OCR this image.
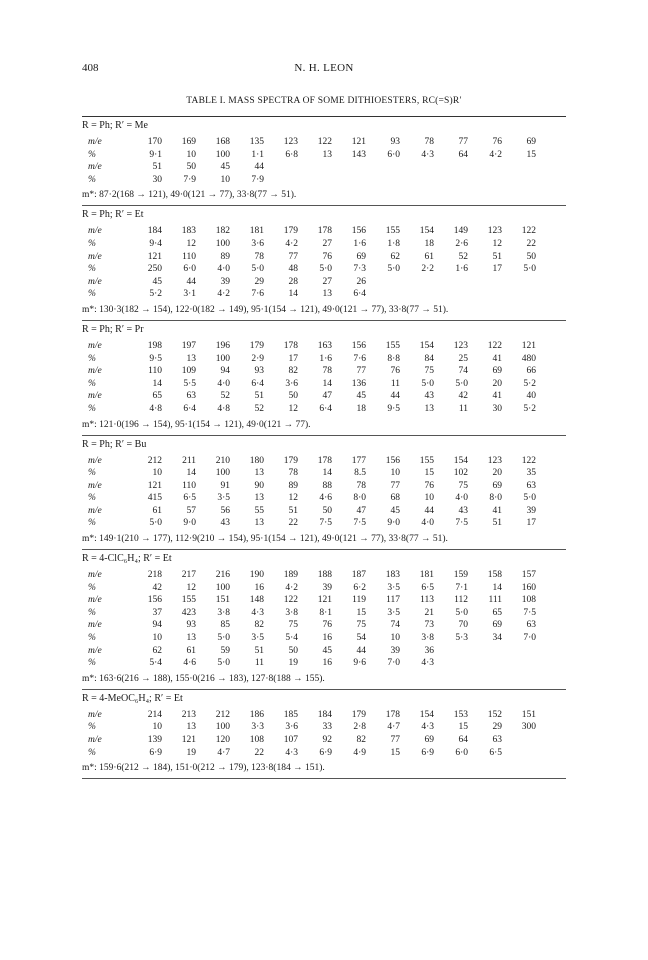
408	N. H. LEON
TABLE I. MASS SPECTRA OF SOME DITHIOESTERS, RC(=S)R′
R = Ph; R′ = Me
m/e	170	169	168	135	123	122	121	93	78	77	76	69
%	9·1	10	100	1·1	6·8	13	143	6·0	4·3	64	4·2	15
m/e	51	50	45	44								
%	30	7·9	10	7·9								
m*: 87·2(168 → 121), 49·0(121 → 77), 33·8(77 → 51).
R = Ph; R′ = Et
m/e	184	183	182	181	179	178	156	155	154	149	123	122
%	9·4	12	100	3·6	4·2	27	1·6	1·8	18	2·6	12	22
m/e	121	110	89	78	77	76	69	62	61	52	51	50
%	250	6·0	4·0	5·0	48	5·0	7·3	5·0	2·2	1·6	17	5·0
m/e	45	44	39	29	28	27	26					
%	5·2	3·1	4·2	7·6	14	13	6·4					
m*: 130·3(182 → 154), 122·0(182 → 149), 95·1(154 → 121), 49·0(121 → 77), 33·8(77 → 51).
R = Ph; R′ = Pr
m/e	198	197	196	179	178	163	156	155	154	123	122	121
%	9·5	13	100	2·9	17	1·6	7·6	8·8	84	25	41	480
m/e	110	109	94	93	82	78	77	76	75	74	69	66
%	14	5·5	4·0	6·4	3·6	14	136	11	5·0	5·0	20	5·2
m/e	65	63	52	51	50	47	45	44	43	42	41	40
%	4·8	6·4	4·8	52	12	6·4	18	9·5	13	11	30	5·2
m*: 121·0(196 → 154), 95·1(154 → 121), 49·0(121 → 77).
R = Ph; R′ = Bu
m/e	212	211	210	180	179	178	177	156	155	154	123	122
%	10	14	100	13	78	14	8.5	10	15	102	20	35
m/e	121	110	91	90	89	88	78	77	76	75	69	63
%	415	6·5	3·5	13	12	4·6	8·0	68	10	4·0	8·0	5·0
m/e	61	57	56	55	51	50	47	45	44	43	41	39
%	5·0	9·0	43	13	22	7·5	7·5	9·0	4·0	7·5	51	17
m*: 149·1(210 → 177), 112·9(210 → 154), 95·1(154 → 121), 49·0(121 → 77), 33·8(77 → 51).
R = 4-ClC₆H₄; R′ = Et
m/e	218	217	216	190	189	188	187	183	181	159	158	157
%	42	12	100	16	4·2	39	6·2	3·5	6·5	7·1	14	160
m/e	156	155	151	148	122	121	119	117	113	112	111	108
%	37	423	3·8	4·3	3·8	8·1	15	3·5	21	5·0	65	7·5
m/e	94	93	85	82	75	76	75	74	73	70	69	63
%	10	13	5·0	3·5	5·4	16	54	10	3·8	5·3	34	7·0
m/e	62	61	59	51	50	45	44	39	36			
%	5·4	4·6	5·0	11	19	16	9·6	7·0	4·3			
m*: 163·6(216 → 188), 155·0(216 → 183), 127·8(188 → 155).
R = 4-MeOC₆H₄; R′ = Et
m/e	214	213	212	186	185	184	179	178	154	153	152	151
%	10	13	100	3·3	3·6	33	2·8	4·7	4·3	15	29	300
m/e	139	121	120	108	107	92	82	77	69	64	63	
%	6·9	19	4·7	22	4·3	6·9	4·9	15	6·9	6·0	6·5	
m*: 159·6(212 → 184), 151·0(212 → 179), 123·8(184 → 151).
